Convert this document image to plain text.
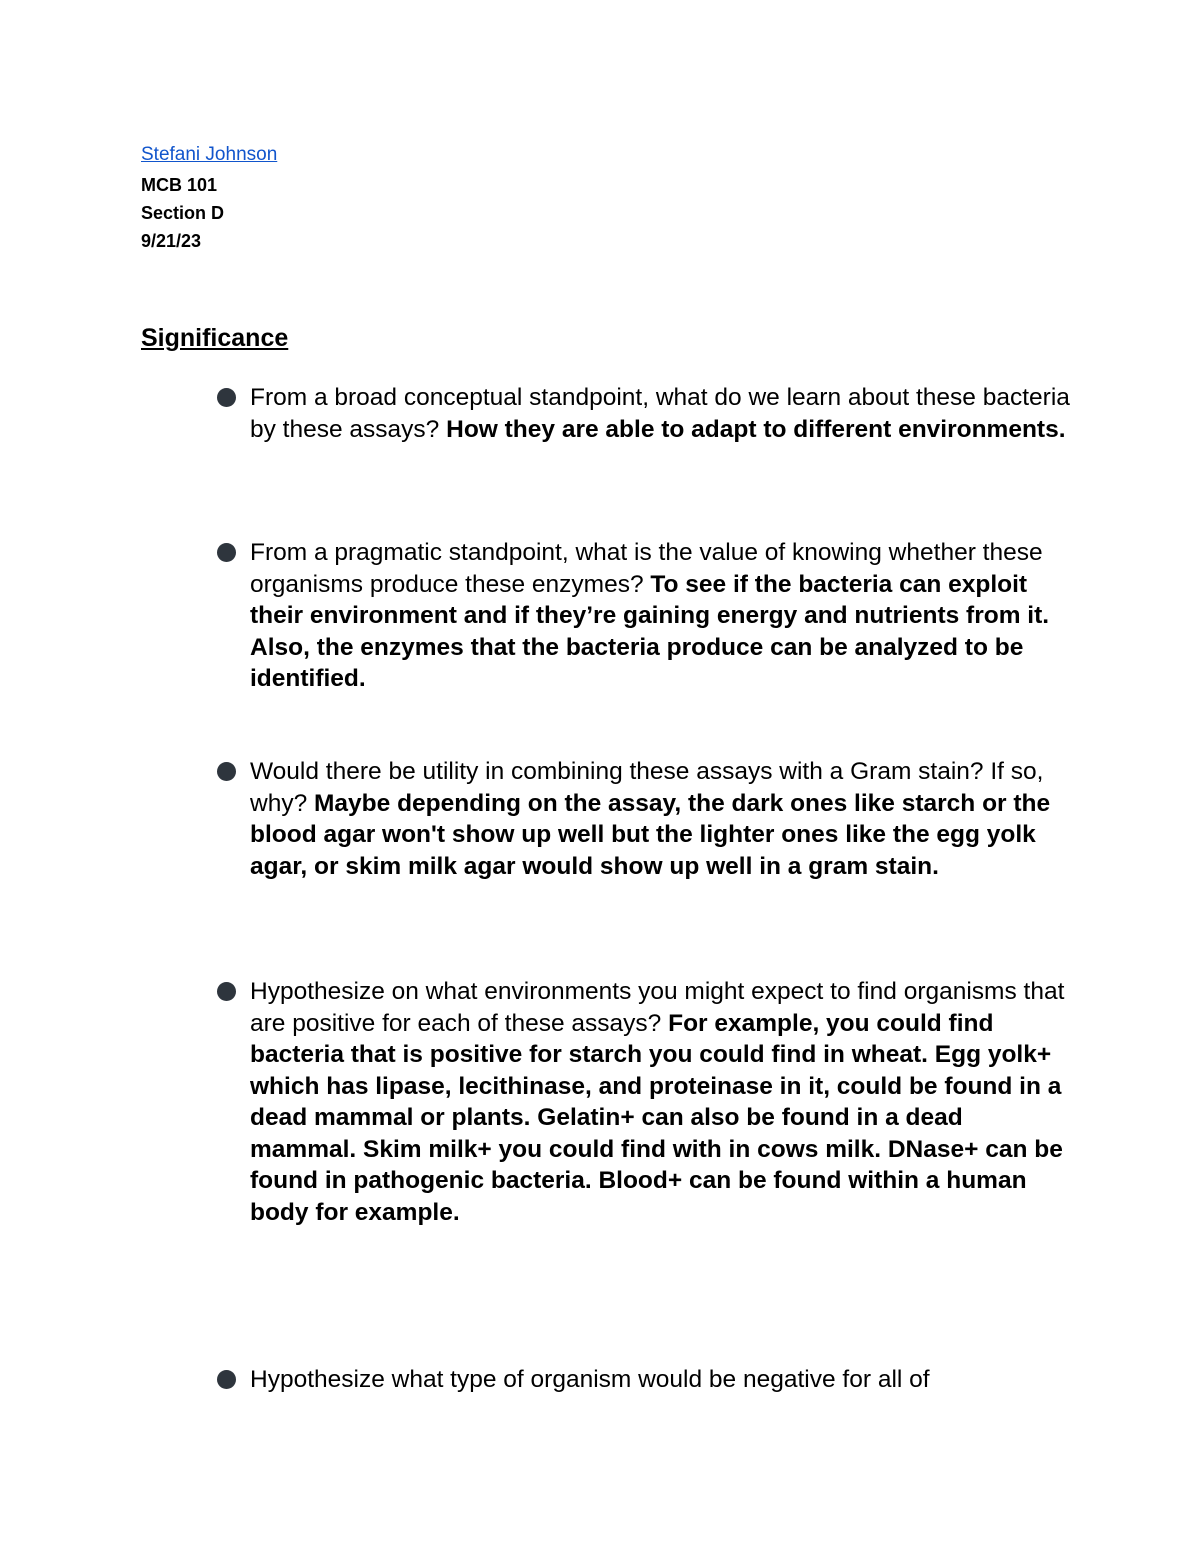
Stefani Johnson
MCB 101
Section D
9/21/23
Significance
From a broad conceptual standpoint, what do we learn about these bacteria by these assays? How they are able to adapt to different environments.
From a pragmatic standpoint, what is the value of knowing whether these organisms produce these enzymes? To see if the bacteria can exploit their environment and if they’re gaining energy and nutrients from it. Also, the enzymes that the bacteria produce can be analyzed to be identified.
Would there be utility in combining these assays with a Gram stain? If so, why? Maybe depending on the assay, the dark ones like starch or the blood agar won't show up well but the lighter ones like the egg yolk agar, or skim milk agar would show up well in a gram stain.
Hypothesize on what environments you might expect to find organisms that are positive for each of these assays? For example, you could find bacteria that is positive for starch you could find in wheat. Egg yolk+ which has lipase, lecithinase, and proteinase in it, could be found in a dead mammal or plants. Gelatin+ can also be found in a dead mammal. Skim milk+ you could find with in cows milk. DNase+ can be found in pathogenic bacteria. Blood+ can be found within a human body for example.
Hypothesize what type of organism would be negative for all of
